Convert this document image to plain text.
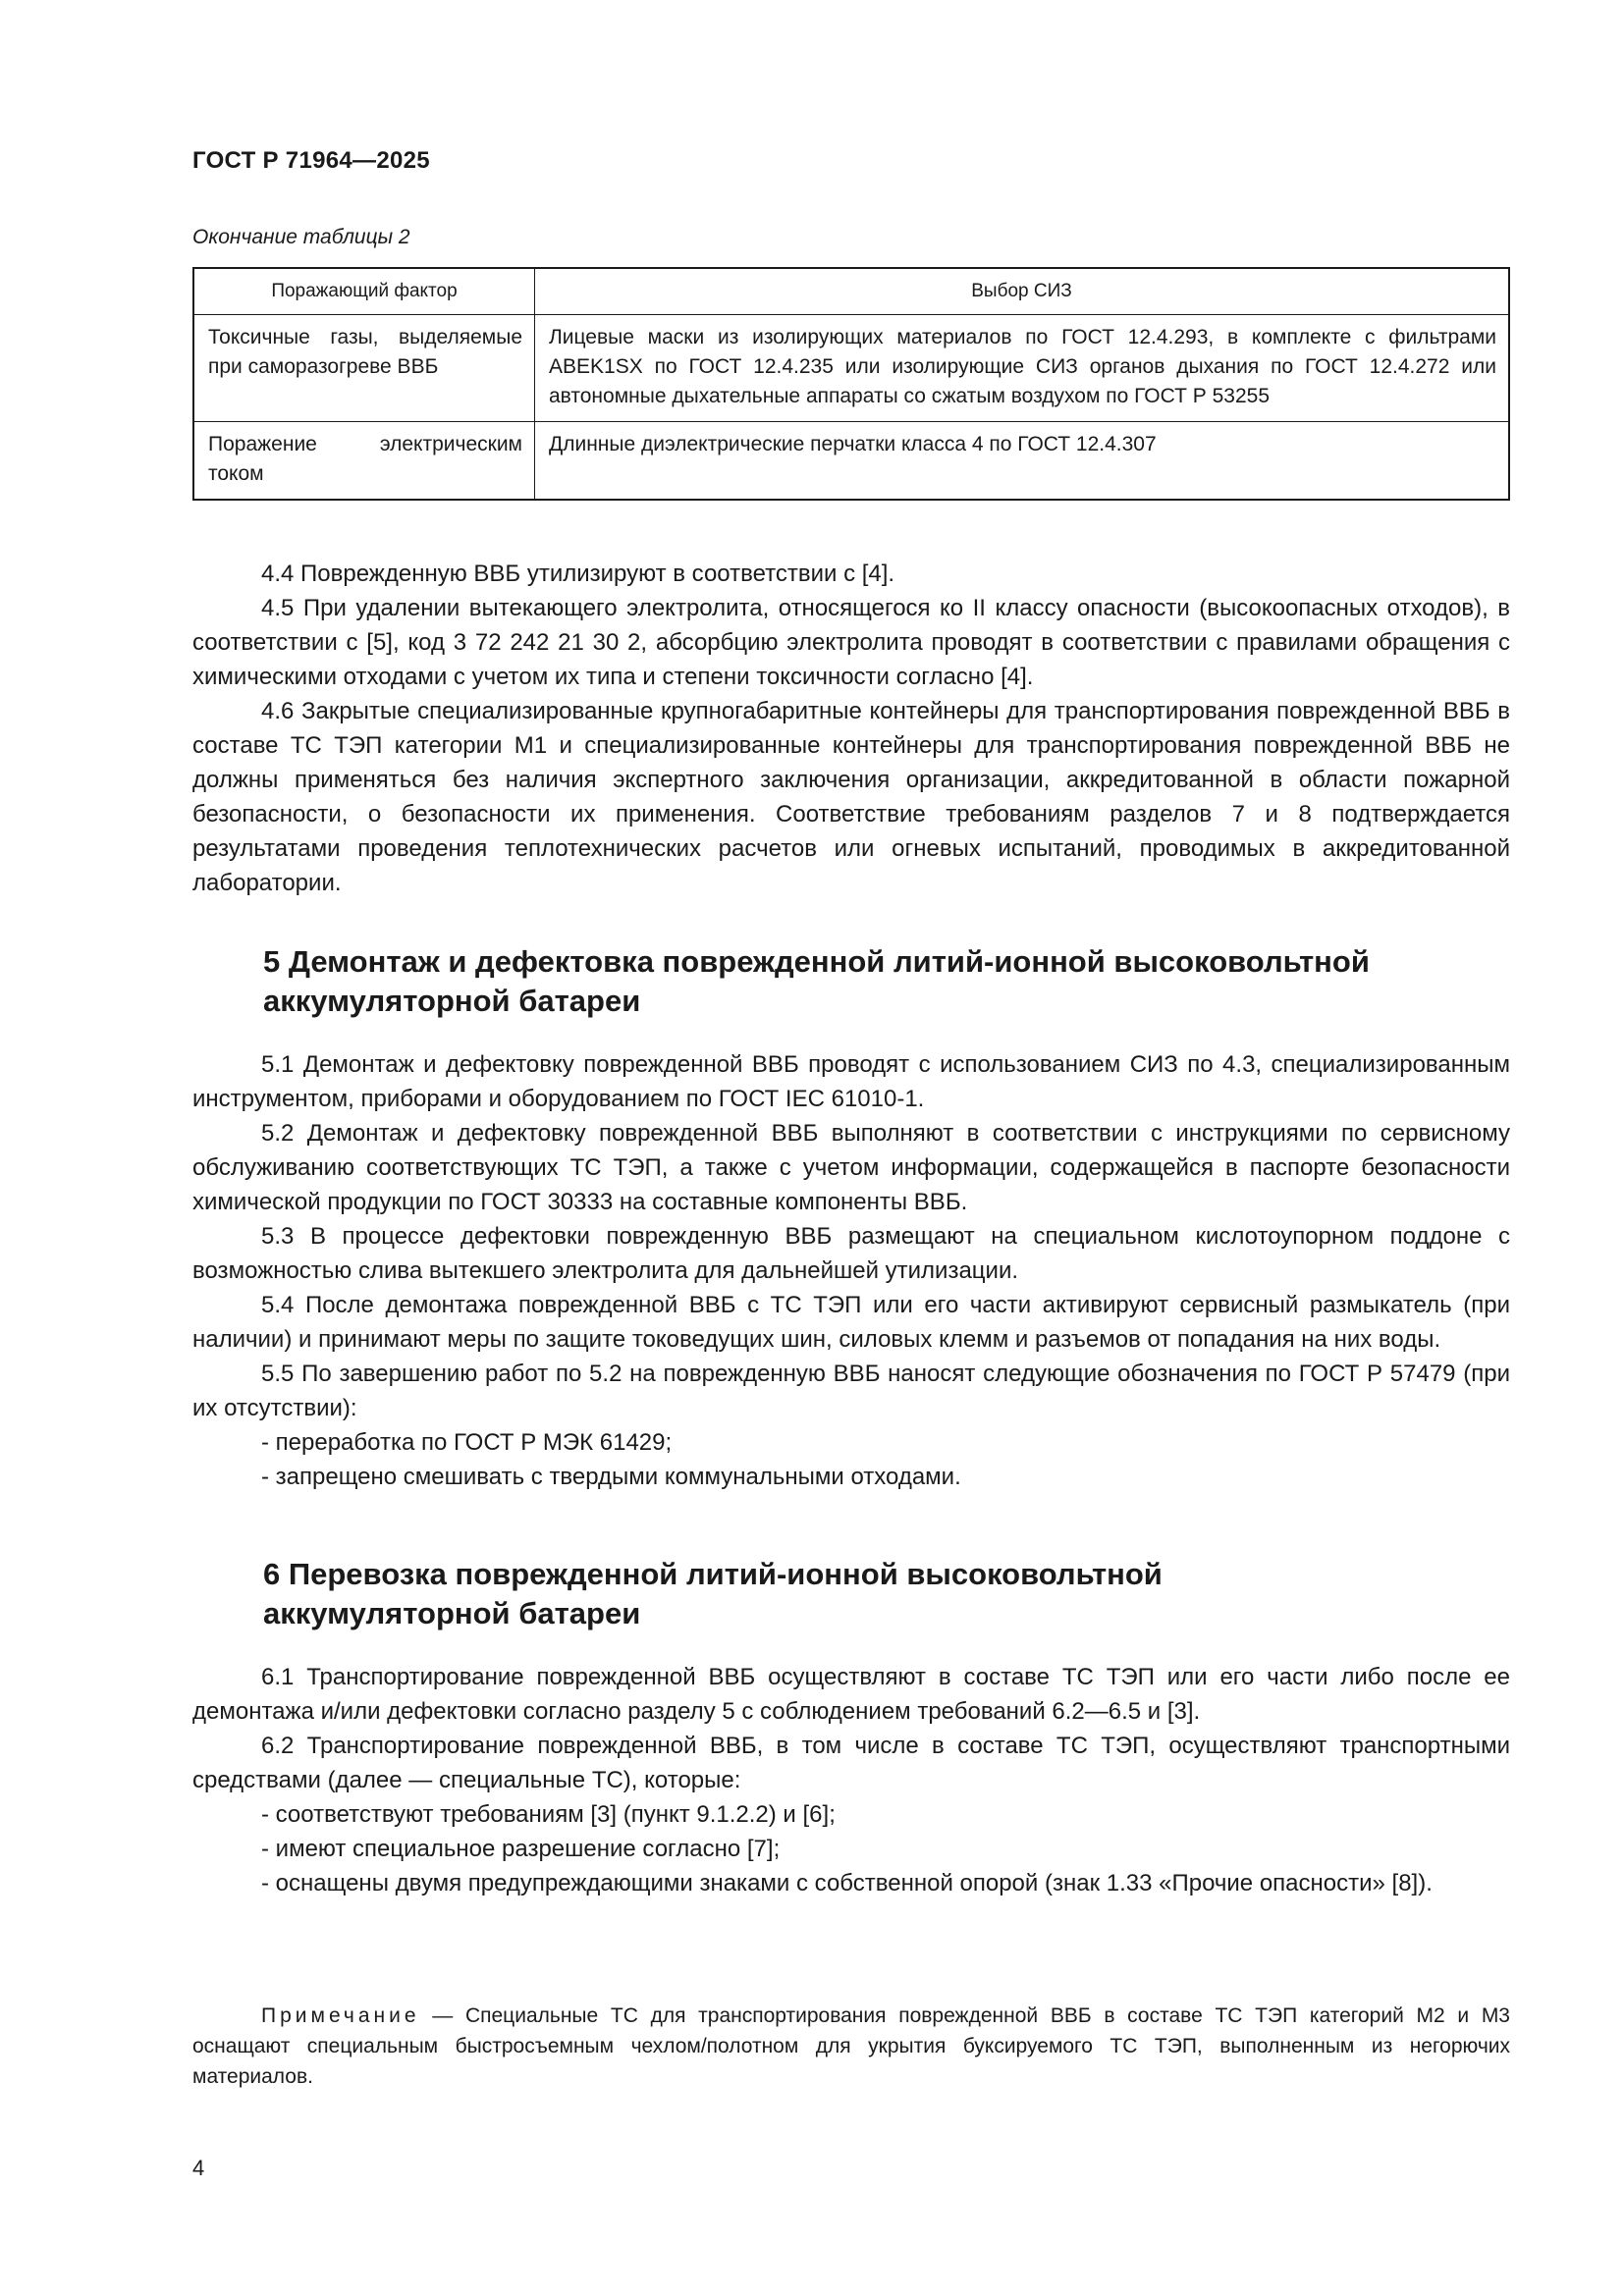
ГОСТ Р 71964—2025
Окончание таблицы 2
Поражающий фактор	Выбор СИЗ
Токсичные газы, выделяемые при саморазогреве ВВБ	Лицевые маски из изолирующих материалов по ГОСТ 12.4.293, в комплекте с фильтрами ABEK1SX по ГОСТ 12.4.235 или изолирующие СИЗ органов дыхания по ГОСТ 12.4.272 или автономные дыхательные аппараты со сжатым воздухом по ГОСТ Р 53255
Поражение электрическим током	Длинные диэлектрические перчатки класса 4 по ГОСТ 12.4.307

4.4 Поврежденную ВВБ утилизируют в соответствии с [4].

4.5 При удалении вытекающего электролита, относящегося ко II классу опасности (высокоопасных отходов), в соответствии с [5], код 3 72 242 21 30 2, абсорбцию электролита проводят в соответствии с правилами обращения с химическими отходами с учетом их типа и степени токсичности согласно [4].

4.6 Закрытые специализированные крупногабаритные контейнеры для транспортирования поврежденной ВВБ в составе ТС ТЭП категории М1 и специализированные контейнеры для транспортирования поврежденной ВВБ не должны применяться без наличия экспертного заключения организации, аккредитованной в области пожарной безопасности, о безопасности их применения. Соответствие требованиям разделов 7 и 8 подтверждается результатами проведения теплотехнических расчетов или огневых испытаний, проводимых в аккредитованной лаборатории.

5 Демонтаж и дефектовка поврежденной литий-ионной высоковольтной
аккумуляторной батареи

5.1 Демонтаж и дефектовку поврежденной ВВБ проводят с использованием СИЗ по 4.3, специализированным инструментом, приборами и оборудованием по ГОСТ IEC 61010-1.

5.2 Демонтаж и дефектовку поврежденной ВВБ выполняют в соответствии с инструкциями по сервисному обслуживанию соответствующих ТС ТЭП, а также с учетом информации, содержащейся в паспорте безопасности химической продукции по ГОСТ 30333 на составные компоненты ВВБ.

5.3 В процессе дефектовки поврежденную ВВБ размещают на специальном кислотоупорном поддоне с возможностью слива вытекшего электролита для дальнейшей утилизации.

5.4 После демонтажа поврежденной ВВБ с ТС ТЭП или его части активируют сервисный размыкатель (при наличии) и принимают меры по защите токоведущих шин, силовых клемм и разъемов от попадания на них воды.

5.5 По завершению работ по 5.2 на поврежденную ВВБ наносят следующие обозначения по ГОСТ Р 57479 (при их отсутствии):

- переработка по ГОСТ Р МЭК 61429;

- запрещено смешивать с твердыми коммунальными отходами.

6 Перевозка поврежденной литий-ионной высоковольтной
аккумуляторной батареи

6.1 Транспортирование поврежденной ВВБ осуществляют в составе ТС ТЭП или его части либо после ее демонтажа и/или дефектовки согласно разделу 5 с соблюдением требований 6.2—6.5 и [3].

6.2 Транспортирование поврежденной ВВБ, в том числе в составе ТС ТЭП, осуществляют транспортными средствами (далее — специальные ТС), которые:

- соответствуют требованиям [3] (пункт 9.1.2.2) и [6];

- имеют специальное разрешение согласно [7];

- оснащены двумя предупреждающими знаками с собственной опорой (знак 1.33 «Прочие опасности» [8]).

Примечание — Специальные ТС для транспортирования поврежденной ВВБ в составе ТС ТЭП категорий М2 и М3 оснащают специальным быстросъемным чехлом/полотном для укрытия буксируемого ТС ТЭП, выполненным из негорючих материалов.

4
